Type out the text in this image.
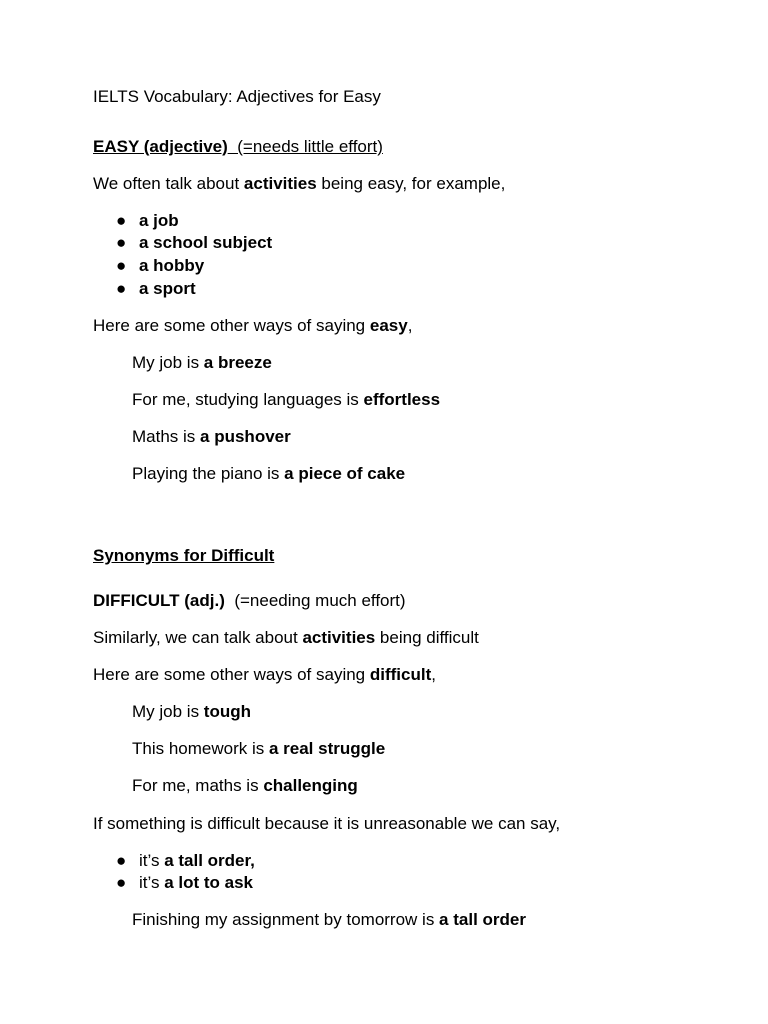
IELTS Vocabulary: Adjectives for Easy
EASY (adjective)  (=needs little effort)
We often talk about activities being easy, for example,
● a job
● a school subject
● a hobby
● a sport
Here are some other ways of saying easy,
My job is a breeze
For me, studying languages is effortless
Maths is a pushover
Playing the piano is a piece of cake
Synonyms for Difficult
DIFFICULT (adj.)  (=needing much effort)
Similarly, we can talk about activities being difficult
Here are some other ways of saying difficult,
My job is tough
This homework is a real struggle
For me, maths is challenging
If something is difficult because it is unreasonable we can say,
● it’s a tall order,
● it’s a lot to ask
Finishing my assignment by tomorrow is a tall order
